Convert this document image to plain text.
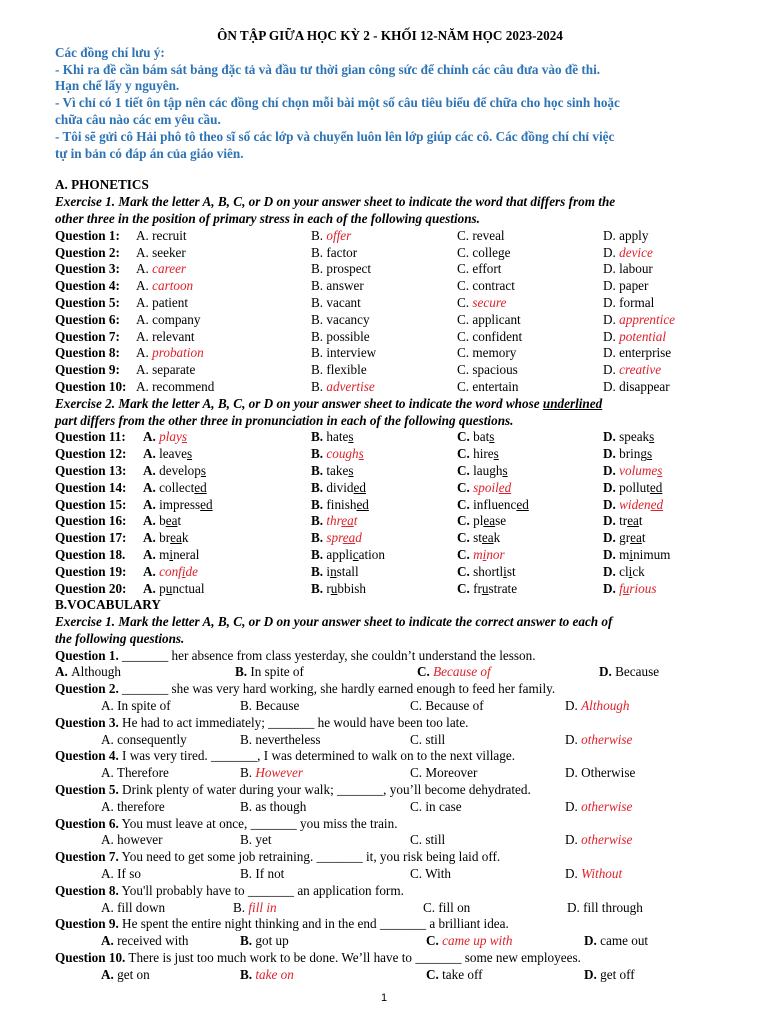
ÔN TẬP GIỮA HỌC KỲ 2 - KHỐI 12-NĂM HỌC 2023-2024
Các đồng chí lưu ý:
- Khi ra đề cần bám sát bảng đặc tả và đầu tư thời gian công sức để chỉnh các câu đưa vào đề thi.
Hạn chế lấy y nguyên.
- Vì chỉ có 1 tiết ôn tập nên các đồng chí chọn mỗi bài một số câu tiêu biểu để chữa cho học sinh hoặc
chữa câu nào các em yêu cầu.
- Tôi sẽ gửi cô Hải phô tô theo sĩ số các lớp và chuyển luôn lên lớp giúp các cô. Các đồng chí chỉ việc
tự in bản có đáp án của giáo viên.
A. PHONETICS
Exercise 1. Mark the letter A, B, C, or D on your answer sheet to indicate the word that differs from the
other three in the position of primary stress in each of the following questions.
Question 1: A. recruit	B. offer	C. reveal	D. apply
Question 2: A. seeker	B. factor	C. college	D. device
Question 3: A. career	B. prospect	C. effort	D. labour
Question 4: A. cartoon	B. answer	C. contract	D. paper
Question 5: A. patient	B. vacant	C. secure	D. formal
Question 6: A. company	B. vacancy	C. applicant	D. apprentice
Question 7: A. relevant	B. possible	C. confident	D. potential
Question 8: A. probation	B. interview	C. memory	D. enterprise
Question 9: A. separate	B. flexible	C. spacious	D. creative
Question 10: A. recommend	B. advertise	C. entertain	D. disappear
Exercise 2. Mark the letter A, B, C, or D on your answer sheet to indicate the word whose underlined
part differs from the other three in pronunciation in each of the following questions.
Question 11: A. plays	B. hates	C. bats	D. speaks
Question 12: A. leaves	B. coughs	C. hires	D. brings
Question 13: A. develops	B. takes	C. laughs	D. volumes
Question 14: A. collected	B. divided	C. spoiled	D. polluted
Question 15: A. impressed	B. finished	C. influenced	D. widened
Question 16: A. beat	B. threat	C. please	D. treat
Question 17: A. break	B. spread	C. steak	D. great
Question 18. A. mineral	B. application	C. minor	D. minimum
Question 19: A. confide	B. install	C. shortlist	D. click
Question 20: A. punctual	B. rubbish	C. frustrate	D. furious
B.VOCABULARY
Exercise 1. Mark the letter A, B, C, or D on your answer sheet to indicate the correct answer to each of
the following questions.
Question 1. _______ her absence from class yesterday, she couldn’t understand the lesson.
A. Although	B. In spite of	C. Because of	D. Because
Question 2. _______ she was very hard working, she hardly earned enough to feed her family.
A. In spite of	B. Because	C. Because of	D. Although
Question 3. He had to act immediately; _______ he would have been too late.
A. consequently	B. nevertheless	C. still	D. otherwise
Question 4. I was very tired. _______, I was determined to walk on to the next village.
A. Therefore	B. However	C. Moreover	D. Otherwise
Question 5. Drink plenty of water during your walk; _______, you’ll become dehydrated.
A. therefore	B. as though	C. in case	D. otherwise
Question 6. You must leave at once, _______ you miss the train.
A. however	B. yet	C. still	D. otherwise
Question 7. You need to get some job retraining. _______ it, you risk being laid off.
A. If so	B. If not	C. With	D. Without
Question 8. You'll probably have to _______ an application form.
A. fill down	B. fill in	C. fill on	D. fill through
Question 9. He spent the entire night thinking and in the end _______ a brilliant idea.
A. received with	B. got up	C. came up with	D. came out
Question 10. There is just too much work to be done. We’ll have to _______ some new employees.
A. get on	B. take on	C. take off	D. get off
1
